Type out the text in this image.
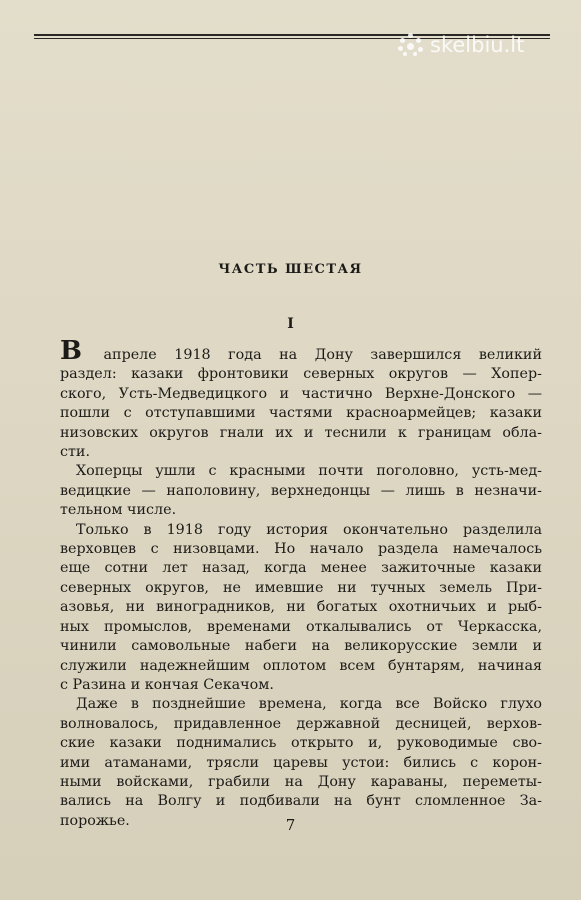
skelbiu.lt
ЧАСТЬ ШЕСТАЯ
I
В апреле 1918 года на Дону завершился великий
раздел: казаки фронтовики северных округов — Хопер-
ского, Усть-Медведицкого и частично Верхне-Донского —
пошли с отступавшими частями красноармейцев; казаки
низовских округов гнали их и теснили к границам обла-
сти.
Хоперцы ушли с красными почти поголовно, усть-мед-
ведицкие — наполовину, верхнедонцы — лишь в незначи-
тельном числе.
Только в 1918 году история окончательно разделила
верховцев с низовцами. Но начало раздела намечалось
еще сотни лет назад, когда менее зажиточные казаки
северных округов, не имевшие ни тучных земель При-
азовья, ни виноградников, ни богатых охотничьих и рыб-
ных промыслов, временами откалывались от Черкасска,
чинили самовольные набеги на великорусские земли и
служили надежнейшим оплотом всем бунтарям, начиная
с Разина и кончая Секачом.
Даже в позднейшие времена, когда все Войско глухо
волновалось, придавленное державной десницей, верхов-
ские казаки поднимались открыто и, руководимые сво-
ими атаманами, трясли царевы устои: бились с корон-
ными войсками, грабили на Дону караваны, переметы-
вались на Волгу и подбивали на бунт сломленное За-
порожье.	7
